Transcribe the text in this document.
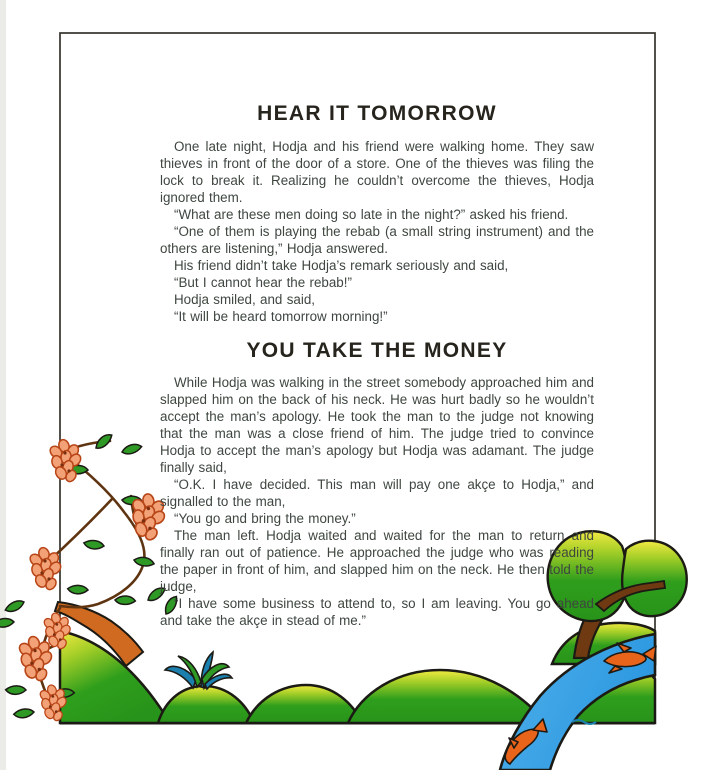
HEAR IT TOMORROW

One late night, Hodja and his friend were walking home. They saw thieves in front of the door of a store. One of the thieves was filing the lock to break it. Realizing he couldn’t overcome the thieves, Hodja ignored them.

“What are these men doing so late in the night?” asked his friend.

“One of them is playing the rebab (a small string instrument) and the others are listening,” Hodja answered.

His friend didn’t take Hodja’s remark seriously and said,

“But I cannot hear the rebab!”

Hodja smiled, and said,

“It will be heard tomorrow morning!”

YOU TAKE THE MONEY

While Hodja was walking in the street somebody approached him and slapped him on the back of his neck. He was hurt badly so he wouldn’t accept the man’s apology. He took the man to the judge not knowing that the man was a close friend of him. The judge tried to convince Hodja to accept the man’s apology but Hodja was adamant. The judge finally said,

“O.K. I have decided. This man will pay one akçe to Hodja,” and signalled to the man,

“You go and bring the money.”

The man left. Hodja waited and waited for the man to return and finally ran out of patience. He approached the judge who was reading the paper in front of him, and slapped him on the neck. He then told the judge,

“I have some business to attend to, so I am leaving. You go ahead and take the akçe in stead of me.”
